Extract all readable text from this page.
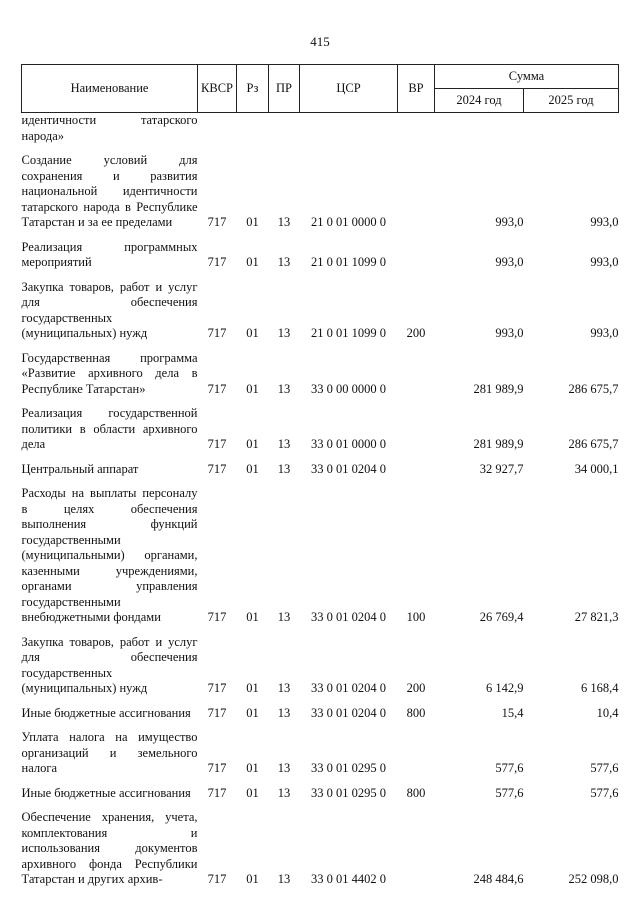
415
Наименование	КВСР	Рз	ПР	ЦСР	ВР	Сумма	
						2024 год	2025 год
идентичности татарского народа»							
Создание условий для сохранения и развития национальной идентичности татарского народа в Республике Татарстан и за ее пределами	717	01	13	21 0 01 0000 0		993,0	993,0
Реализация программных мероприятий	717	01	13	21 0 01 1099 0		993,0	993,0
Закупка товаров, работ и услуг для обеспечения государственных (муниципальных) нужд	717	01	13	21 0 01 1099 0	200	993,0	993,0
Государственная программа «Развитие архивного дела в Республике Татарстан»	717	01	13	33 0 00 0000 0		281 989,9	286 675,7
Реализация государственной политики в области архивного дела	717	01	13	33 0 01 0000 0		281 989,9	286 675,7
Центральный аппарат	717	01	13	33 0 01 0204 0		32 927,7	34 000,1
Расходы на выплаты персоналу в целях обеспечения выполнения функций государственными (муниципальными) органами, казенными учреждениями, органами управления государственными внебюджетными фондами	717	01	13	33 0 01 0204 0	100	26 769,4	27 821,3
Закупка товаров, работ и услуг для обеспечения государственных (муниципальных) нужд	717	01	13	33 0 01 0204 0	200	6 142,9	6 168,4
Иные бюджетные ассигнования	717	01	13	33 0 01 0204 0	800	15,4	10,4
Уплата налога на имущество организаций и земельного налога	717	01	13	33 0 01 0295 0		577,6	577,6
Иные бюджетные ассигнования	717	01	13	33 0 01 0295 0	800	577,6	577,6
Обеспечение хранения, учета, комплектования и использования документов архивного фонда Республики Татарстан и других архив-	717	01	13	33 0 01 4402 0		248 484,6	252 098,0
